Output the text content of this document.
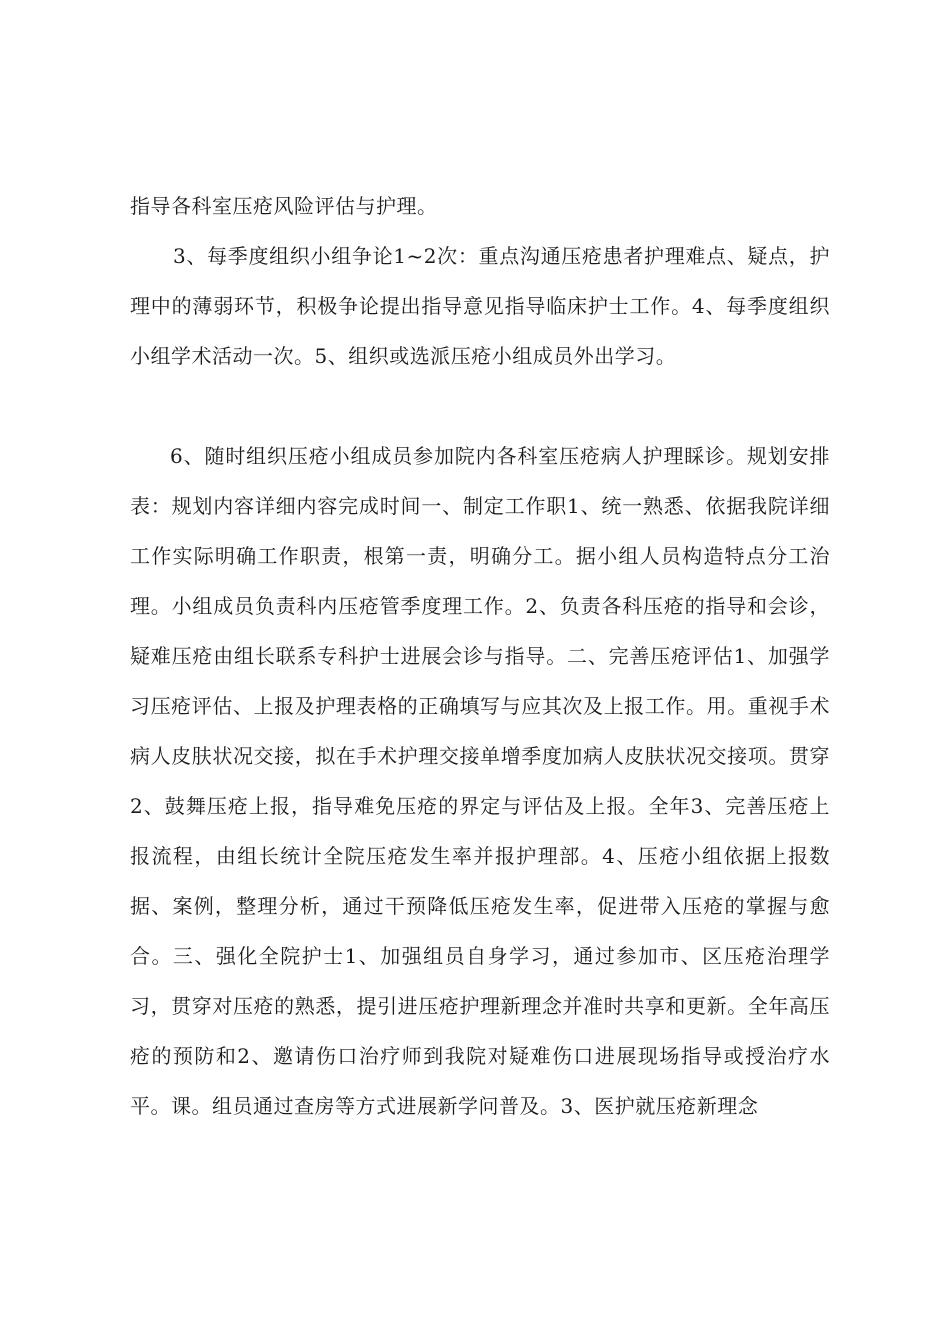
指导各科室压疮风险评估与护理。

3、每季度组织小组争论1~2次：重点沟通压疮患者护理难点、疑点，护理中的薄弱环节，积极争论提出指导意见指导临床护士工作。4、每季度组织小组学术活动一次。5、组织或选派压疮小组成员外出学习。

6、随时组织压疮小组成员参加院内各科室压疮病人护理睬诊。规划安排表：规划内容详细内容完成时间一、制定工作职1、统一熟悉、依据我院详细工作实际明确工作职责，根第一责，明确分工。据小组人员构造特点分工治理。小组成员负责科内压疮管季度理工作。2、负责各科压疮的指导和会诊，疑难压疮由组长联系专科护士进展会诊与指导。二、完善压疮评估1、加强学习压疮评估、上报及护理表格的正确填写与应其次及上报工作。用。重视手术病人皮肤状况交接，拟在手术护理交接单增季度加病人皮肤状况交接项。贯穿2、鼓舞压疮上报，指导难免压疮的界定与评估及上报。全年3、完善压疮上报流程，由组长统计全院压疮发生率并报护理部。4、压疮小组依据上报数据、案例，整理分析，通过干预降低压疮发生率，促进带入压疮的掌握与愈合。三、强化全院护士1、加强组员自身学习，通过参加市、区压疮治理学习，贯穿对压疮的熟悉，提引进压疮护理新理念并准时共享和更新。全年高压疮的预防和2、邀请伤口治疗师到我院对疑难伤口进展现场指导或授治疗水平。课。组员通过查房等方式进展新学问普及。3、医护就压疮新理念
